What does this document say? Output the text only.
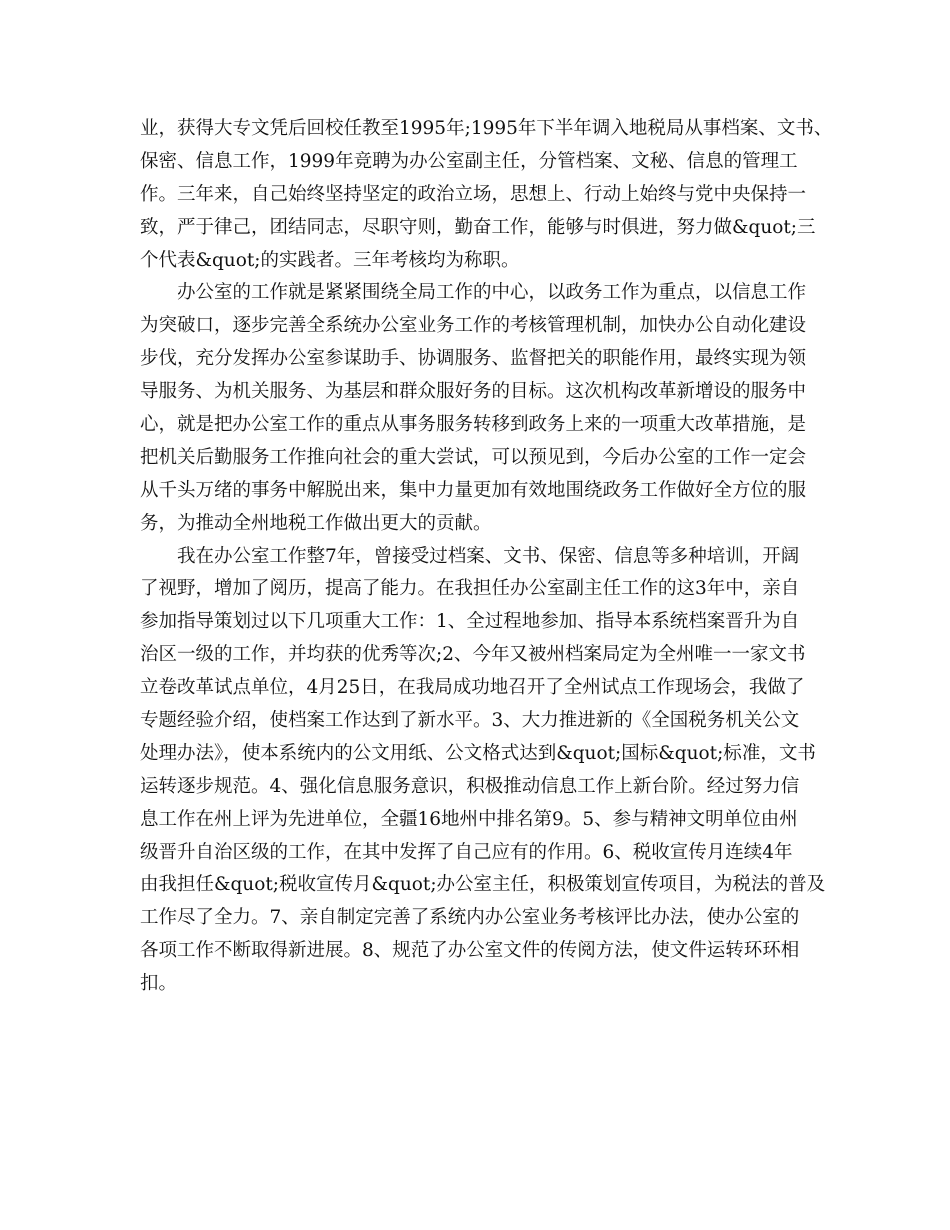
业，获得大专文凭后回校任教至1995年;1995年下半年调入地税局从事档案、文书、
保密、信息工作，1999年竞聘为办公室副主任，分管档案、文秘、信息的管理工
作。三年来，自己始终坚持坚定的政治立场，思想上、行动上始终与党中央保持一
致，严于律己，团结同志，尽职守则，勤奋工作，能够与时俱进，努力做&quot;三
个代表&quot;的实践者。三年考核均为称职。
　　办公室的工作就是紧紧围绕全局工作的中心，以政务工作为重点，以信息工作
为突破口，逐步完善全系统办公室业务工作的考核管理机制，加快办公自动化建设
步伐，充分发挥办公室参谋助手、协调服务、监督把关的职能作用，最终实现为领
导服务、为机关服务、为基层和群众服好务的目标。这次机构改革新增设的服务中
心，就是把办公室工作的重点从事务服务转移到政务上来的一项重大改革措施，是
把机关后勤服务工作推向社会的重大尝试，可以预见到，今后办公室的工作一定会
从千头万绪的事务中解脱出来，集中力量更加有效地围绕政务工作做好全方位的服
务，为推动全州地税工作做出更大的贡献。
　　我在办公室工作整7年，曾接受过档案、文书、保密、信息等多种培训，开阔
了视野，增加了阅历，提高了能力。在我担任办公室副主任工作的这3年中，亲自
参加指导策划过以下几项重大工作：1、全过程地参加、指导本系统档案晋升为自
治区一级的工作，并均获的优秀等次;2、今年又被州档案局定为全州唯一一家文书
立卷改革试点单位，4月25日，在我局成功地召开了全州试点工作现场会，我做了
专题经验介绍，使档案工作达到了新水平。3、大力推进新的《全国税务机关公文
处理办法》，使本系统内的公文用纸、公文格式达到&quot;国标&quot;标准，文书
运转逐步规范。4、强化信息服务意识，积极推动信息工作上新台阶。经过努力信
息工作在州上评为先进单位，全疆16地州中排名第9。5、参与精神文明单位由州
级晋升自治区级的工作，在其中发挥了自己应有的作用。6、税收宣传月连续4年
由我担任&quot;税收宣传月&quot;办公室主任，积极策划宣传项目，为税法的普及
工作尽了全力。7、亲自制定完善了系统内办公室业务考核评比办法，使办公室的
各项工作不断取得新进展。8、规范了办公室文件的传阅方法，使文件运转环环相
扣。
